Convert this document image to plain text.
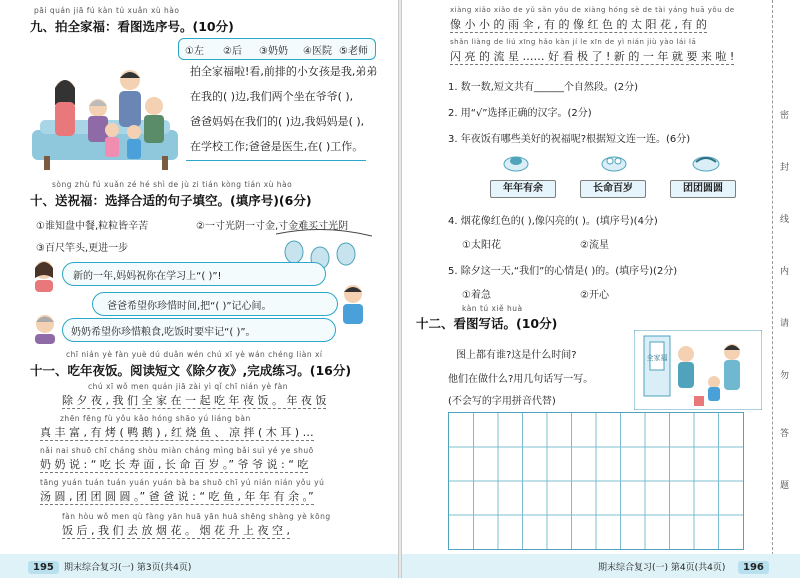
pāi quán jiā fú kàn tú xuǎn xù hào
九、拍全家福：看图选序号。(10分)
①左 ②后 ③奶奶 ④医院 ⑤老师
拍全家福啦!看,前排的小女孩是我,弟弟
在我的( )边,我们两个坐在爷爷( ),
爸爸妈妈在我们的( )边,我妈妈是( ),
在学校工作;爸爸是医生,在( )工作。
sòng zhù fú xuǎn zé hé shì de jù zi tián kòng tián xù hào
十、送祝福：选择合适的句子填空。(填序号)(6分)
①谁知盘中餐,粒粒皆辛苦	②一寸光阴一寸金,寸金难买寸光阴
③百尺竿头,更进一步
新的一年,妈妈祝你在学习上“( )”!
爸爸希望你珍惜时间,把“( )”记心间。
奶奶希望你珍惜粮食,吃饭时要牢记“( )”。
chī nián yè fàn yuè dú duǎn wén chú xī yè wán chéng liàn xí
十一、吃年夜饭。阅读短文《除夕夜》,完成练习。(16分)
chú xī wǒ men quán jiā zài yì qǐ chī nián yè fàn
除 夕 夜 , 我 们 全 家 在 一 起 吃 年 夜 饭 。 年 夜 饭
zhēn fēng fù yǒu kǎo hóng shāo yú liáng bàn
真 丰 富 , 有 烤 ( 鸭 鹅 ) , 红 烧 鱼 、 凉 拌 ( 木 耳 ) …
nǎi nai shuō chī cháng shòu miàn cháng mìng bǎi suì yé ye shuō
奶 奶 说 : “ 吃 长 寿 面 , 长 命 百 岁 。” 爷 爷 说 : “ 吃
tāng yuán tuán tuán yuán yuán bà ba shuō chī yú nián nián yǒu yú
汤 圆 , 团 团 圆 圆 。” 爸 爸 说 : “ 吃 鱼 , 年 年 有 余 。”
fàn hòu wǒ men qù fàng yān huā yān huā shēng shàng yè kōng
饭 后 , 我 们 去 放 烟 花 。 烟 花 升 上 夜 空 ,
195	期末综合复习(一) 第3页(共4页)
xiàng xiǎo xiǎo de yǔ sǎn yǒu de xiàng hóng sè de tài yáng huā yǒu de
像 小 小 的 雨 伞 , 有 的 像 红 色 的 太 阳 花 , 有 的
shǎn liàng de liú xīng hǎo kàn jí le xīn de yì nián jiù yào lái lā
闪 亮 的 流 星 …… 好 看 极 了 ! 新 的 一 年 就 要 来 啦 !
1. 数一数,短文共有______个自然段。(2分)
2. 用“√”选择正确的汉字。(2分)
3. 年夜饭有哪些美好的祝福呢?根据短文连一连。(6分)
年年有余	长命百岁	团团圆圆
4. 烟花像红色的( ),像闪亮的( )。(填序号)(4分)
①太阳花	②流星
5. 除夕这一天,“我们”的心情是( )的。(填序号)(2分)
①着急	②开心
kàn tú xiě huà
十二、看图写话。(10分)
图上都有谁?这是什么时间?
他们在做什么?用几句话写一写。
(不会写的字用拼音代替)
全家福
密
封
线
内
请
勿
答
题
期末综合复习(一) 第4页(共4页)	196
